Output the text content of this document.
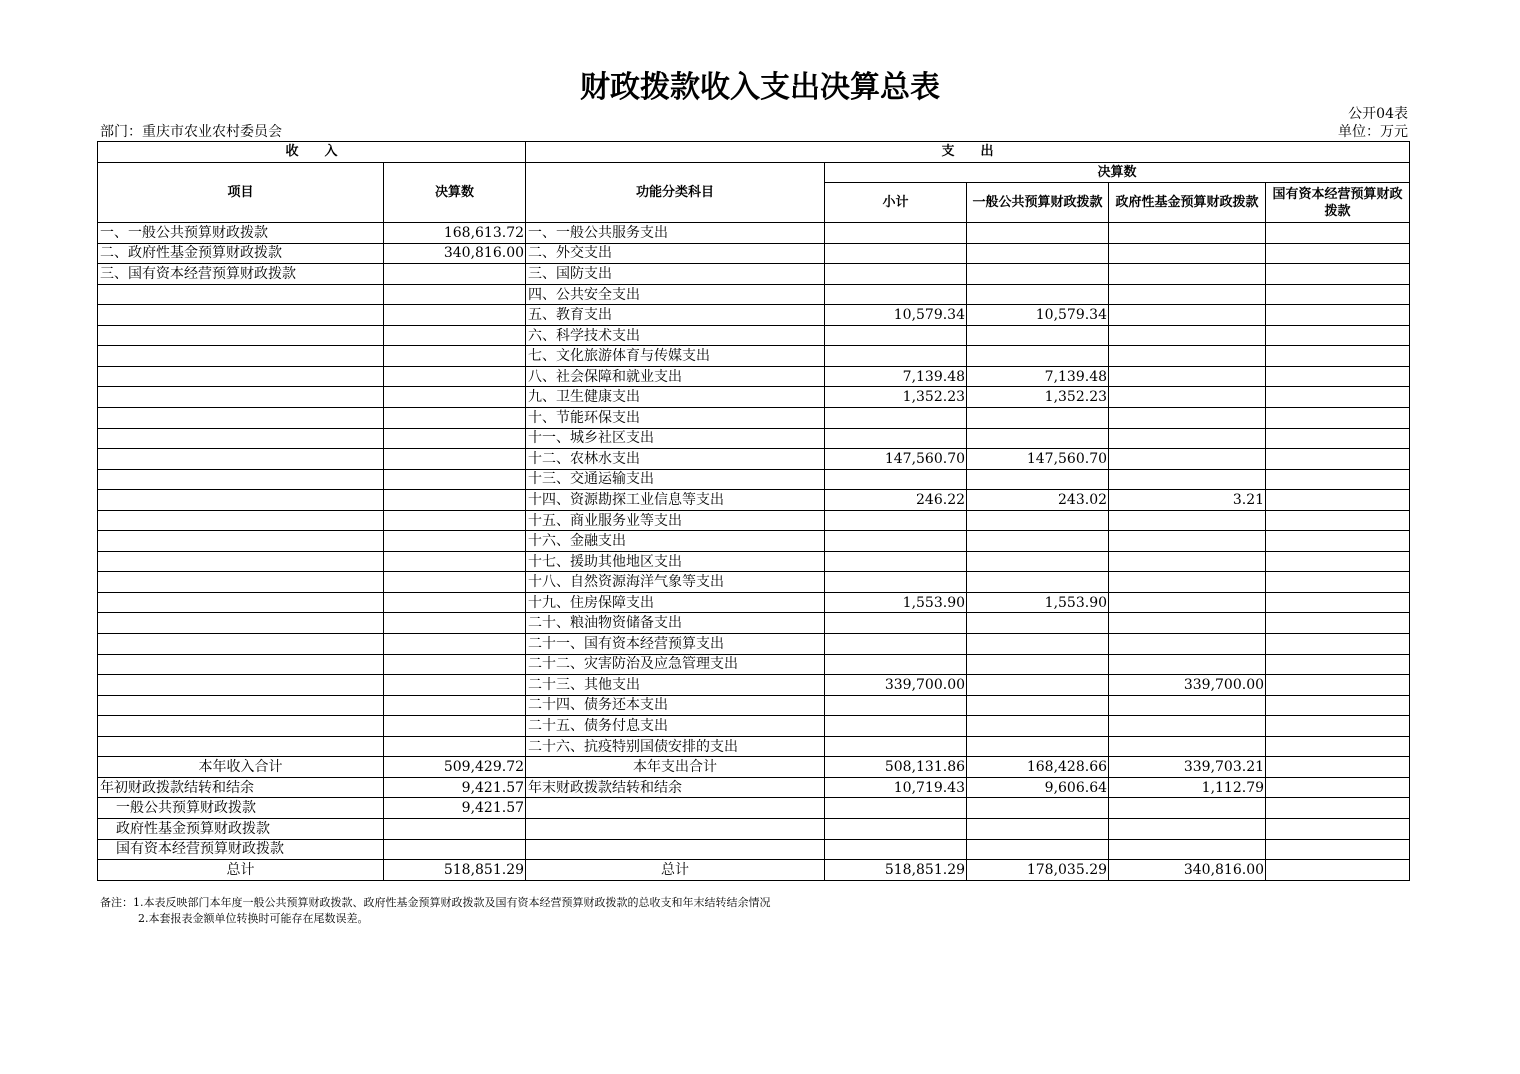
财政拨款收入支出决算总表
公开04表
部门：重庆市农业农村委员会	单位：万元
收　　入		支　　出				
项目	决算数	功能分类科目	决算数			
			小计	一般公共预算财政拨款	政府性基金预算财政拨款	国有资本经营预算财政拨款
一、一般公共预算财政拨款	168,613.72	一、一般公共服务支出				
二、政府性基金预算财政拨款	340,816.00	二、外交支出				
三、国有资本经营预算财政拨款		三、国防支出				
		四、公共安全支出				
		五、教育支出	10,579.34	10,579.34		
		六、科学技术支出				
		七、文化旅游体育与传媒支出				
		八、社会保障和就业支出	7,139.48	7,139.48		
		九、卫生健康支出	1,352.23	1,352.23		
		十、节能环保支出				
		十一、城乡社区支出				
		十二、农林水支出	147,560.70	147,560.70		
		十三、交通运输支出				
		十四、资源勘探工业信息等支出	246.22	243.02	3.21	
		十五、商业服务业等支出				
		十六、金融支出				
		十七、援助其他地区支出				
		十八、自然资源海洋气象等支出				
		十九、住房保障支出	1,553.90	1,553.90		
		二十、粮油物资储备支出				
		二十一、国有资本经营预算支出				
		二十二、灾害防治及应急管理支出				
		二十三、其他支出	339,700.00		339,700.00	
		二十四、债务还本支出				
		二十五、债务付息支出				
		二十六、抗疫特别国债安排的支出				
本年收入合计	509,429.72	本年支出合计	508,131.86	168,428.66	339,703.21	
年初财政拨款结转和结余	9,421.57	年末财政拨款结转和结余	10,719.43	9,606.64	1,112.79	
一般公共预算财政拨款	9,421.57					
政府性基金预算财政拨款						
国有资本经营预算财政拨款						
总计	518,851.29	总计	518,851.29	178,035.29	340,816.00	
备注：1.本表反映部门本年度一般公共预算财政拨款、政府性基金预算财政拨款及国有资本经营预算财政拨款的总收支和年末结转结余情况
2.本套报表金额单位转换时可能存在尾数误差。
